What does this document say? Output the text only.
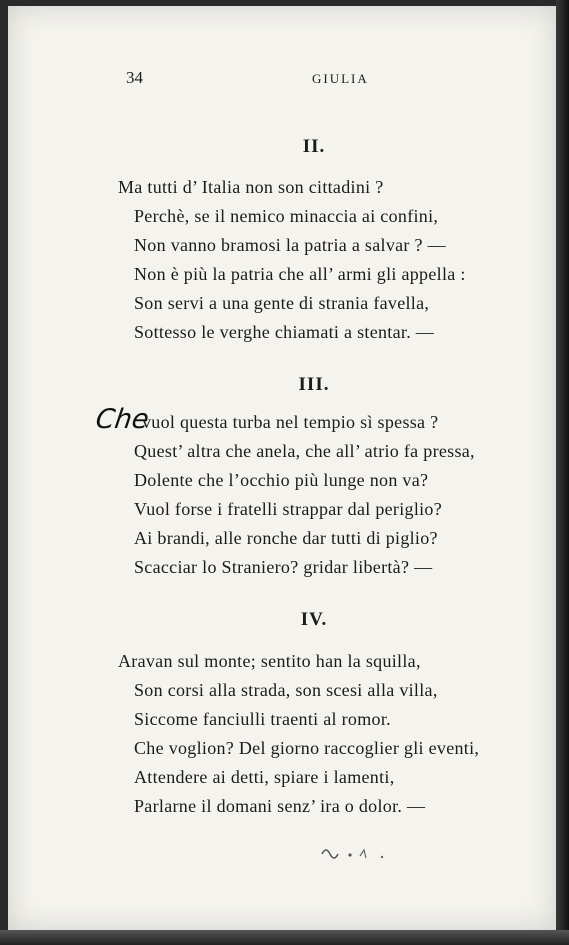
34	GIULIA
II.
Ma tutti d’ Italia non son cittadini ?
Perchè, se il nemico minaccia ai confini,
Non vanno bramosi la patria a salvar ? —
Non è più la patria che all’ armi gli appella :
Son servi a una gente di strania favella,
Sottesso le verghe chiamati a stentar. —
III.
Che
vuol questa turba nel tempio sì spessa ?
Quest’ altra che anela, che all’ atrio fa pressa,
Dolente che l’occhio più lunge non va?
Vuol forse i fratelli strappar dal periglio?
Ai brandi, alle ronche dar tutti di piglio?
Scacciar lo Straniero? gridar libertà? —
IV.
Aravan sul monte; sentito han la squilla,
Son corsi alla strada, son scesi alla villa,
Siccome fanciulli traenti al romor.
Che voglion? Del giorno raccoglier gli eventi,
Attendere ai detti, spiare i lamenti,
Parlarne il domani senz’ ira o dolor. —
